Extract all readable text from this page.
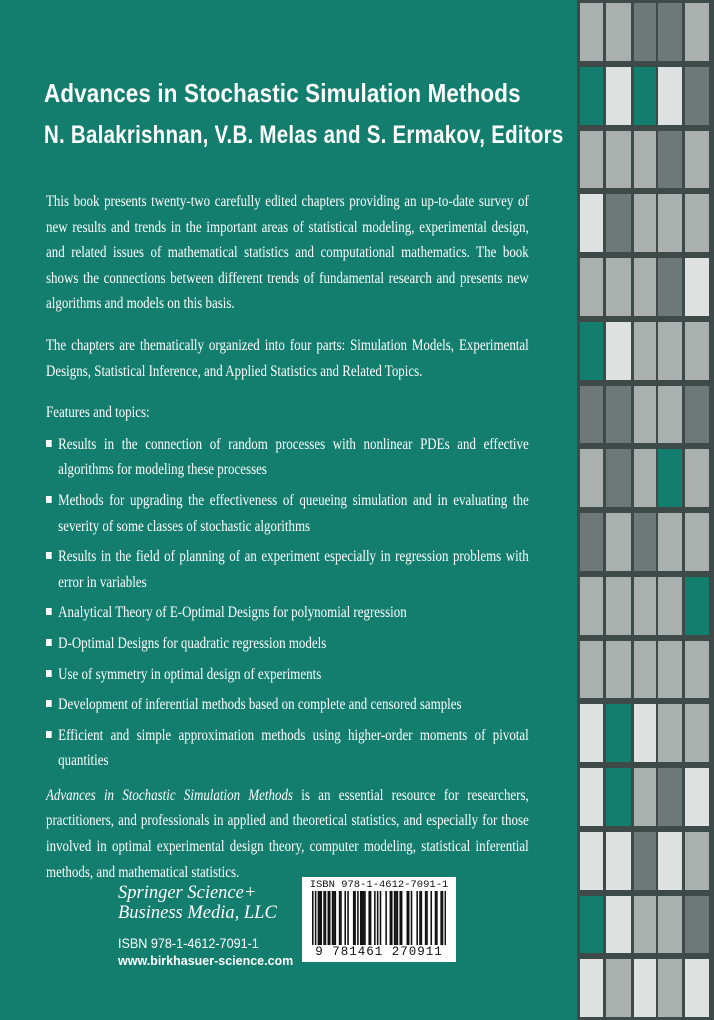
Advances in Stochastic Simulation Methods
N. Balakrishnan, V.B. Melas and S. Ermakov, Editors

This book presents twenty-two carefully edited chapters providing an up-to-date survey of new results and trends in the important areas of statistical modeling, experimental design, and related issues of mathematical statistics and computational mathematics. The book shows the connections between different trends of fundamental research and presents new algorithms and models on this basis.

The chapters are thematically organized into four parts: Simulation Models, Experimental Designs, Statistical Inference, and Applied Statistics and Related Topics.

Features and topics:

Results in the connection of random processes with nonlinear PDEs and effective algorithms for modeling these processes
Methods for upgrading the effectiveness of queueing simulation and in evaluating the severity of some classes of stochastic algorithms
Results in the field of planning of an experiment especially in regression problems with error in variables
Analytical Theory of E-Optimal Designs for polynomial regression
D-Optimal Designs for quadratic regression models
Use of symmetry in optimal design of experiments
Development of inferential methods based on complete and censored samples
Efficient and simple approximation methods using higher-order moments of pivotal quantities

Advances in Stochastic Simulation Methods is an essential resource for researchers, practitioners, and professionals in applied and theoretical statistics, and especially for those involved in optimal experimental design theory, computer modeling, statistical inferential methods, and mathematical statistics.

Springer Science+
Business Media, LLC
ISBN 978-1-4612-7091-1
www.birkhasuer-science.com
ISBN 978-1-4612-7091-1
9 781461 270911
